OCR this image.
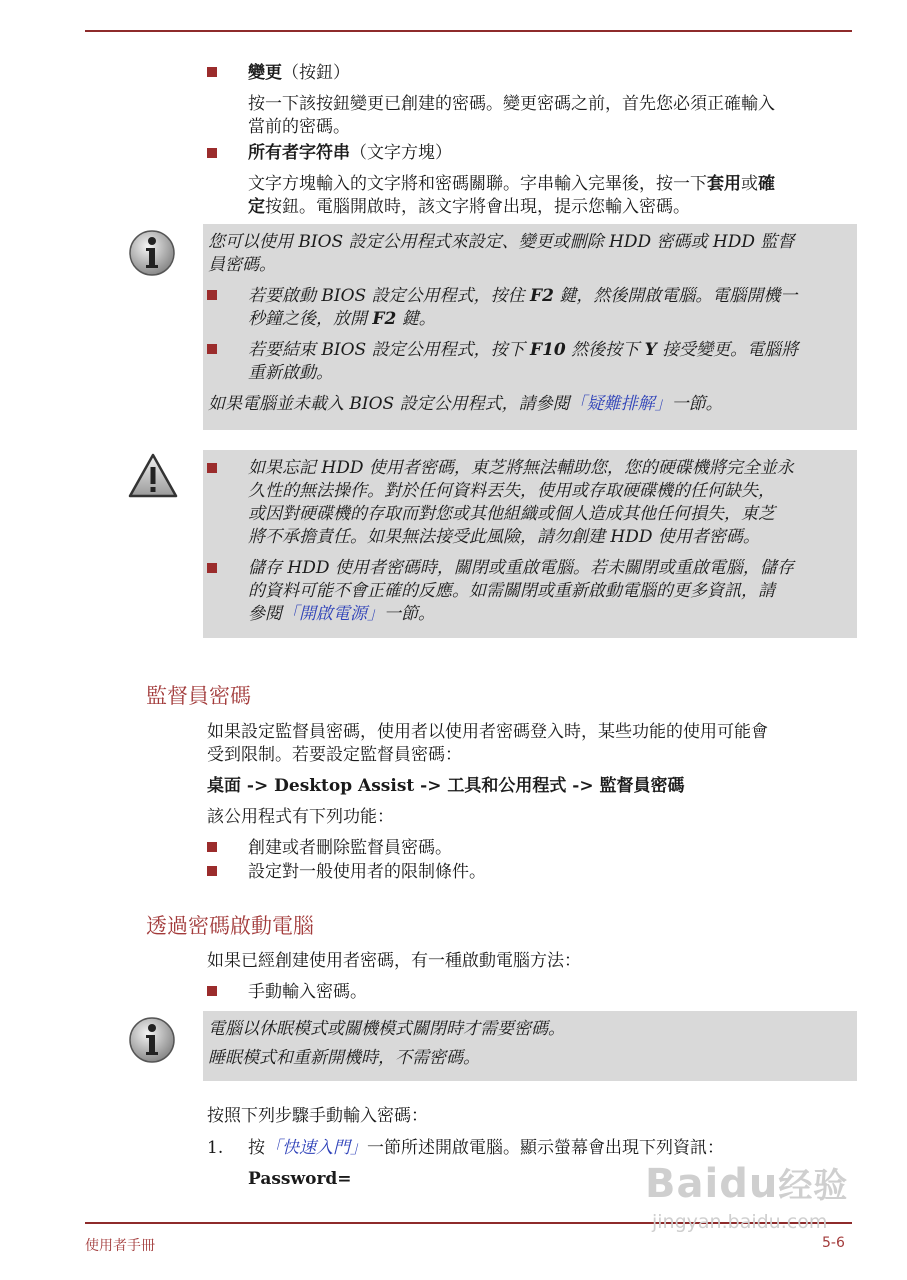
變更（按鈕）
按一下該按鈕變更已創建的密碼。變更密碼之前，首先您必須正確輸入
當前的密碼。
所有者字符串（文字方塊）
文字方塊輸入的文字將和密碼關聯。字串輸入完畢後，按一下套用或確
定按鈕。電腦開啟時，該文字將會出現，提示您輸入密碼。
您可以使用 BIOS 設定公用程式來設定、變更或刪除 HDD 密碼或 HDD 監督
員密碼。
若要啟動 BIOS 設定公用程式，按住 F2 鍵，然後開啟電腦。電腦開機一
秒鐘之後，放開 F2 鍵。
若要結束 BIOS 設定公用程式，按下 F10 然後按下 Y 接受變更。電腦將
重新啟動。
如果電腦並未載入 BIOS 設定公用程式，請參閱「疑難排解」一節。
如果忘記 HDD 使用者密碼，東芝將無法輔助您，您的硬碟機將完全並永
久性的無法操作。對於任何資料丟失，使用或存取硬碟機的任何缺失，
或因對硬碟機的存取而對您或其他組織或個人造成其他任何損失，東芝
將不承擔責任。如果無法接受此風險，請勿創建 HDD 使用者密碼。
儲存 HDD 使用者密碼時，關閉或重啟電腦。若未關閉或重啟電腦，儲存
的資料可能不會正確的反應。如需關閉或重新啟動電腦的更多資訊，請
參閱「開啟電源」一節。
監督員密碼
如果設定監督員密碼，使用者以使用者密碼登入時，某些功能的使用可能會
受到限制。若要設定監督員密碼：
桌面 -> Desktop Assist -> 工具和公用程式 -> 監督員密碼
該公用程式有下列功能：
創建或者刪除監督員密碼。
設定對一般使用者的限制條件。
透過密碼啟動電腦
如果已經創建使用者密碼，有一種啟動電腦方法：
手動輸入密碼。
電腦以休眠模式或關機模式關閉時才需要密碼。
睡眠模式和重新開機時，不需密碼。
按照下列步驟手動輸入密碼：
1. 按「快速入門」一節所述開啟電腦。顯示螢幕會出現下列資訊：
Password=
使用者手冊	5-6
Baidu经验
jingyan.baidu.com
